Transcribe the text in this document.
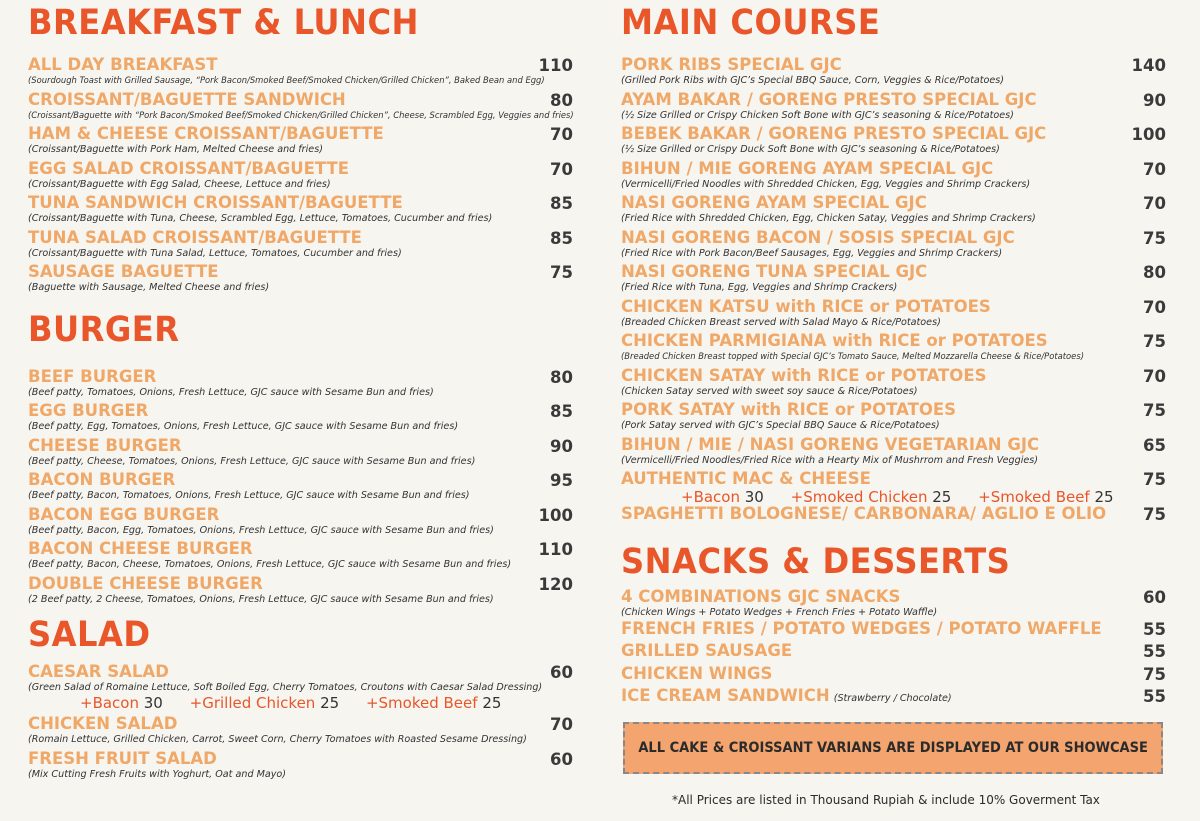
BREAKFAST & LUNCH
ALL DAY BREAKFAST	110
(Sourdough Toast with Grilled Sausage, “Pork Bacon/Smoked Beef/Smoked Chicken/Grilled Chicken”, Baked Bean and Egg)
CROISSANT/BAGUETTE SANDWICH	80
(Croissant/Baguette with “Pork Bacon/Smoked Beef/Smoked Chicken/Grilled Chicken”, Cheese, Scrambled Egg, Veggies and fries)
HAM & CHEESE CROISSANT/BAGUETTE	70
(Croissant/Baguette with Pork Ham, Melted Cheese and fries)
EGG SALAD CROISSANT/BAGUETTE	70
(Croissant/Baguette with Egg Salad, Cheese, Lettuce and fries)
TUNA SANDWICH CROISSANT/BAGUETTE	85
(Croissant/Baguette with Tuna, Cheese, Scrambled Egg, Lettuce, Tomatoes, Cucumber and fries)
TUNA SALAD CROISSANT/BAGUETTE	85
(Croissant/Baguette with Tuna Salad, Lettuce, Tomatoes, Cucumber and fries)
SAUSAGE BAGUETTE	75
(Baguette with Sausage, Melted Cheese and fries)
BURGER
BEEF BURGER	80
(Beef patty, Tomatoes, Onions, Fresh Lettuce, GJC sauce with Sesame Bun and fries)
EGG BURGER	85
(Beef patty, Egg, Tomatoes, Onions, Fresh Lettuce, GJC sauce with Sesame Bun and fries)
CHEESE BURGER	90
(Beef patty, Cheese, Tomatoes, Onions, Fresh Lettuce, GJC sauce with Sesame Bun and fries)
BACON BURGER	95
(Beef patty, Bacon, Tomatoes, Onions, Fresh Lettuce, GJC sauce with Sesame Bun and fries)
BACON EGG BURGER	100
(Beef patty, Bacon, Egg, Tomatoes, Onions, Fresh Lettuce, GJC sauce with Sesame Bun and fries)
BACON CHEESE BURGER	110
(Beef patty, Bacon, Cheese, Tomatoes, Onions, Fresh Lettuce, GJC sauce with Sesame Bun and fries)
DOUBLE CHEESE BURGER	120
(2 Beef patty, 2 Cheese, Tomatoes, Onions, Fresh Lettuce, GJC sauce with Sesame Bun and fries)
SALAD
CAESAR SALAD	60
(Green Salad of Romaine Lettuce, Soft Boiled Egg, Cherry Tomatoes, Croutons with Caesar Salad Dressing)
+Bacon 30 +Grilled Chicken 25 +Smoked Beef 25
CHICKEN SALAD	70
(Romain Lettuce, Grilled Chicken, Carrot, Sweet Corn, Cherry Tomatoes with Roasted Sesame Dressing)
FRESH FRUIT SALAD	60
(Mix Cutting Fresh Fruits with Yoghurt, Oat and Mayo)
MAIN COURSE
PORK RIBS SPECIAL GJC	140
(Grilled Pork Ribs with GJC’s Special BBQ Sauce, Corn, Veggies & Rice/Potatoes)
AYAM BAKAR / GORENG PRESTO SPECIAL GJC	90
(½ Size Grilled or Crispy Chicken Soft Bone with GJC’s seasoning & Rice/Potatoes)
BEBEK BAKAR / GORENG PRESTO SPECIAL GJC	100
(½ Size Grilled or Crispy Duck Soft Bone with GJC’s seasoning & Rice/Potatoes)
BIHUN / MIE GORENG AYAM SPECIAL GJC	70
(Vermicelli/Fried Noodles with Shredded Chicken, Egg, Veggies and Shrimp Crackers)
NASI GORENG AYAM SPECIAL GJC	70
(Fried Rice with Shredded Chicken, Egg, Chicken Satay, Veggies and Shrimp Crackers)
NASI GORENG BACON / SOSIS SPECIAL GJC	75
(Fried Rice with Pork Bacon/Beef Sausages, Egg, Veggies and Shrimp Crackers)
NASI GORENG TUNA SPECIAL GJC	80
(Fried Rice with Tuna, Egg, Veggies and Shrimp Crackers)
CHICKEN KATSU with RICE or POTATOES	70
(Breaded Chicken Breast served with Salad Mayo & Rice/Potatoes)
CHICKEN PARMIGIANA with RICE or POTATOES	75
(Breaded Chicken Breast topped with Special GJC’s Tomato Sauce, Melted Mozzarella Cheese & Rice/Potatoes)
CHICKEN SATAY with RICE or POTATOES	70
(Chicken Satay served with sweet soy sauce & Rice/Potatoes)
PORK SATAY with RICE or POTATOES	75
(Pork Satay served with GJC’s Special BBQ Sauce & Rice/Potatoes)
BIHUN / MIE / NASI GORENG VEGETARIAN GJC	65
(Vermicelli/Fried Noodles/Fried Rice with a Hearty Mix of Mushrrom and Fresh Veggies)
AUTHENTIC MAC & CHEESE	75
+Bacon 30 +Smoked Chicken 25 +Smoked Beef 25
SPAGHETTI BOLOGNESE/ CARBONARA/ AGLIO E OLIO	75
SNACKS & DESSERTS
4 COMBINATIONS GJC SNACKS	60
(Chicken Wings + Potato Wedges + French Fries + Potato Waffle)
FRENCH FRIES / POTATO WEDGES / POTATO WAFFLE	55
GRILLED SAUSAGE	55
CHICKEN WINGS	75
ICE CREAM SANDWICH (Strawberry / Chocolate)	55
ALL CAKE & CROISSANT VARIANS ARE DISPLAYED AT OUR SHOWCASE
*All Prices are listed in Thousand Rupiah & include 10% Goverment Tax
